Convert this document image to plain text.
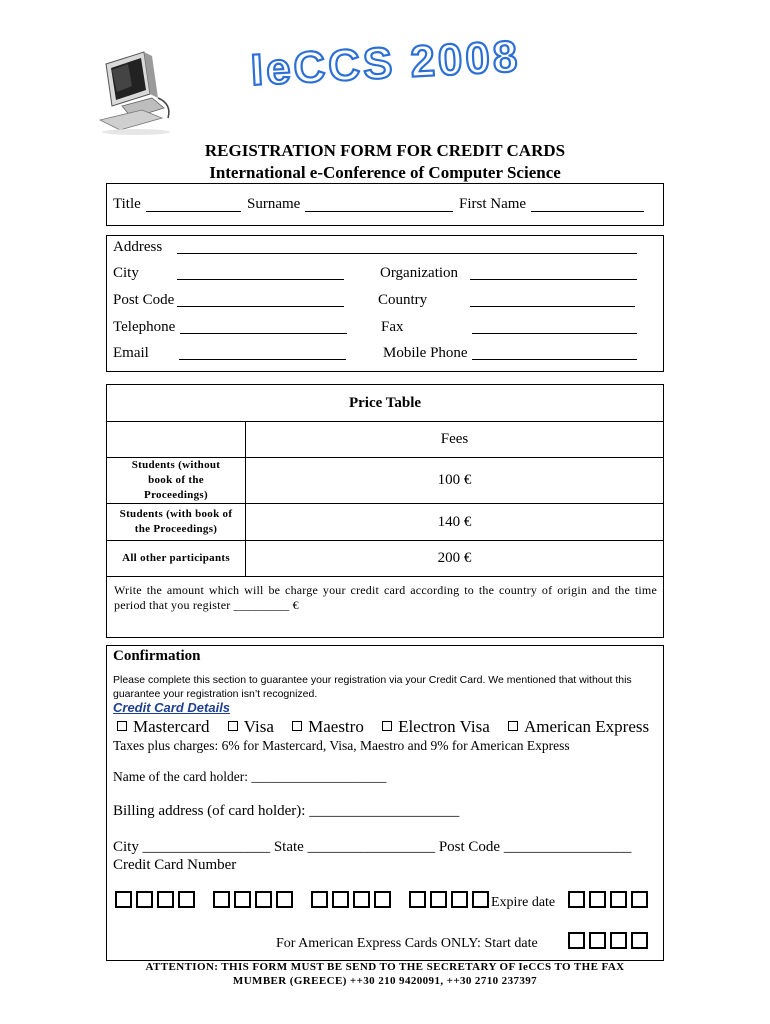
IeCCS 2008
REGISTRATION FORM FOR CREDIT CARDS
International e-Conference of Computer Science
Title	Surname	First Name
Address
City	Organization
Post Code	Country
Telephone	Fax
Email	Mobile Phone
Price Table	
	Fees
Students (without book of the Proceedings)	100 €
Students (with book of the Proceedings)	140 €
All other participants	200 €
Write the amount which will be charge your credit card according to the country of origin and the time period that you register _________ €	
Confirmation
Please complete this section to guarantee your registration via your Credit Card. We mentioned that without this guarantee your registration isn’t recognized.
Credit Card Details
Mastercard Visa Maestro Electron Visa American Express
Taxes plus charges: 6% for Mastercard, Visa, Maestro and 9% for American Express
Name of the card holder: ____________________
Billing address (of card holder): ____________________
City _________________ State _________________ Post Code _________________
Credit Card Number
Expire date
For American Express Cards ONLY: Start date
ATTENTION: THIS FORM MUST BE SEND TO THE SECRETARY OF IeCCS TO THE FAX
MUMBER (GREECE) ++30 210 9420091, ++30 2710 237397
